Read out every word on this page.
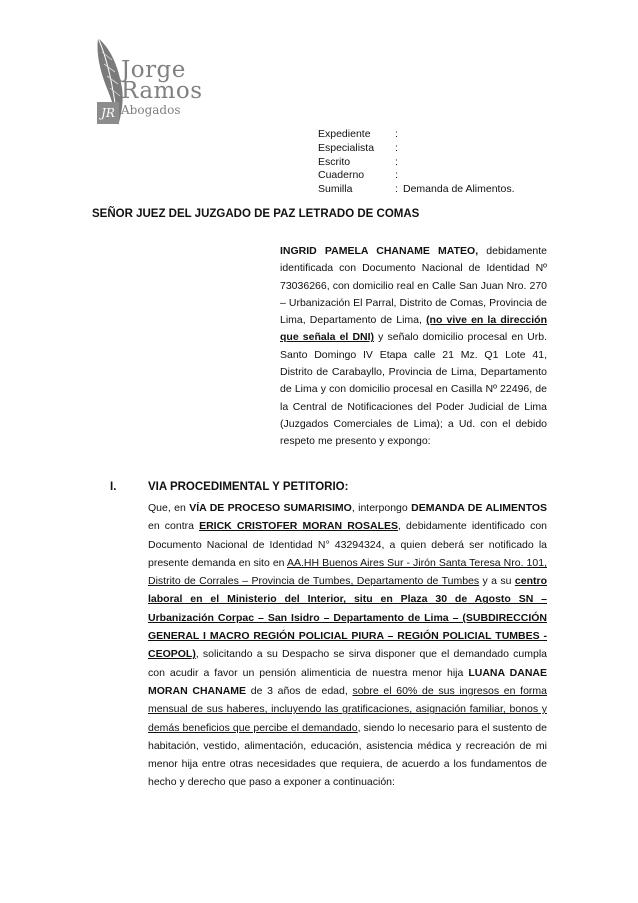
Jorge
Ramos
Abogados
JR
Expediente	:
Especialista	:
Escrito	:
Cuaderno	:
Sumilla	: Demanda de Alimentos.
SEÑOR JUEZ DEL JUZGADO DE PAZ LETRADO DE COMAS
INGRID PAMELA CHANAME MATEO, debidamente identificada con Documento Nacional de Identidad Nº 73036266, con domicilio real en Calle San Juan Nro. 270 – Urbanización El Parral, Distrito de Comas, Provincia de Lima, Departamento de Lima, (no vive en la dirección que señala el DNI) y señalo domicilio procesal en Urb. Santo Domingo IV Etapa calle 21 Mz. Q1 Lote 41, Distrito de Carabayllo, Provincia de Lima, Departamento de Lima y con domicilio procesal en Casilla Nº 22496, de la Central de Notificaciones del Poder Judicial de Lima (Juzgados Comerciales de Lima); a Ud. con el debido respeto me presento y expongo:
I.	VIA PROCEDIMENTAL Y PETITORIO:
Que, en VÍA DE PROCESO SUMARISIMO, interpongo DEMANDA DE ALIMENTOS en contra ERICK CRISTOFER MORAN ROSALES, debidamente identificado con Documento Nacional de Identidad N° 43294324, a quien deberá ser notificado la presente demanda en sito en AA.HH Buenos Aires Sur - Jirón Santa Teresa Nro. 101, Distrito de Corrales – Provincia de Tumbes, Departamento de Tumbes y a su centro laboral en el Ministerio del Interior, situ en Plaza 30 de Agosto SN – Urbanización Corpac – San Isidro – Departamento de Lima – (SUBDIRECCIÓN GENERAL I MACRO REGIÓN POLICIAL PIURA – REGIÓN POLICIAL TUMBES - CEOPOL), solicitando a su Despacho se sirva disponer que el demandado cumpla con acudir a favor un pensión alimenticia de nuestra menor hija LUANA DANAE MORAN CHANAME de 3 años de edad, sobre el 60% de sus ingresos en forma mensual de sus haberes, incluyendo las gratificaciones, asignación familiar, bonos y demás beneficios que percibe el demandado, siendo lo necesario para el sustento de habitación, vestido, alimentación, educación, asistencia médica y recreación de mi menor hija entre otras necesidades que requiera, de acuerdo a los fundamentos de hecho y derecho que paso a exponer a continuación:
